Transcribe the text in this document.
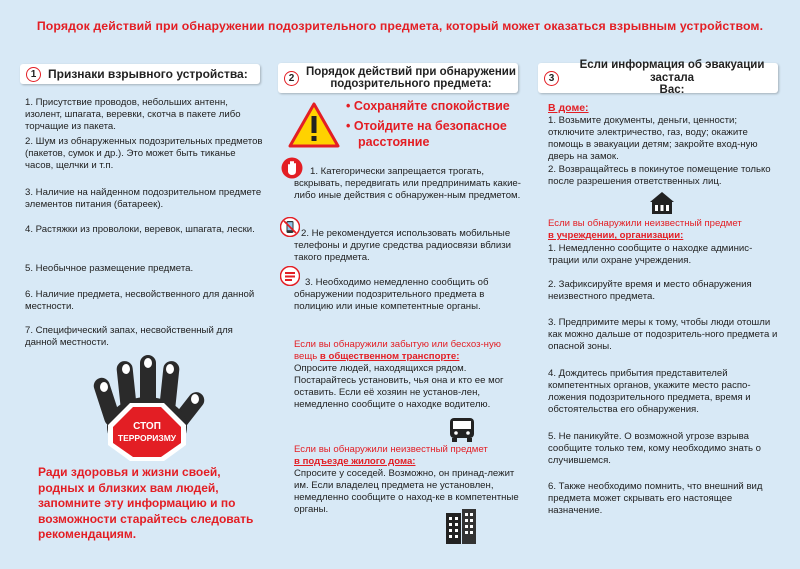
Порядок действий при обнаружении подозрительного предмета, который может оказаться взрывным устройством.
1 Признаки взрывного устройства:
1. Присутствие проводов, небольших антенн, изолент, шпагата, веревки, скотча в пакете либо торчащие из пакета.
2. Шум из обнаруженных подозрительных предметов (пакетов, сумок и др.). Это может быть тиканье часов, щелчки и т.п.
3. Наличие на найденном подозрительном предмете элементов питания (батареек).
4. Растяжки из проволоки, веревок, шпагата, лески.
5. Необычное размещение предмета.
6. Наличие предмета, несвойственного для данной местности.
7. Специфический запах, несвойственный для данной местности.
СТОП
ТЕРРОРИЗМУ
Ради здоровья и жизни своей, родных и близких вам людей, запомните эту информацию и по возможности старайтесь следовать рекомендациям.
2
Порядок действий при обнаружении
подозрительного предмета:
• Сохраняйте спокойствие
• Отойдите на безопасное
расстояние
1. Категорически запрещается трогать, вскрывать, передвигать или предпринимать какие- либо иные действия с обнаружен-ным предметом.
2. Не рекомендуется использовать мобильные телефоны и другие средства радиосвязи вблизи такого предмета.
3. Необходимо немедленно сообщить об обнаружении подозрительного предмета в полицию или иные компетентные органы.
Если вы обнаружили забытую или бесхоз-ную вещь в общественном транспорте:
Опросите людей, находящихся рядом. Постарайтесь установить, чья она и кто ее мог оставить. Если её хозяин не установ-лен, немедленно сообщите о находке водителю.
Если вы обнаружили неизвестный предмет
в подъезде жилого дома:
Спросите у соседей. Возможно, он принад-лежит им. Если владелец предмета не установлен, немедленно сообщите о наход-ке в компетентные органы.
3
Если информация об эвакуации застала
Вас:
В доме:
1. Возьмите документы, деньги, ценности; отключите электричество, газ, воду; окажите помощь в эвакуации детям; закройте вход-ную дверь на замок.
2. Возвращайтесь в покинутое помещение только после разрешения ответственных лиц.
Если вы обнаружили неизвестный предмет
в учреждении, организации:
1. Немедленно сообщите о находке админис-трации или охране учреждения.
2. Зафиксируйте время и место обнаружения неизвестного предмета.
3. Предпримите меры к тому, чтобы люди отошли как можно дальше от подозритель-ного предмета и опасной зоны.
4. Дождитесь прибытия представителей компетентных органов, укажите место распо-ложения подозрительного предмета, время и обстоятельства его обнаружения.
5. Не паникуйте. О возможной угрозе взрыва сообщите только тем, кому необходимо знать о случившемся.
6. Также необходимо помнить, что внешний вид предмета может скрывать его настоящее назначение.
